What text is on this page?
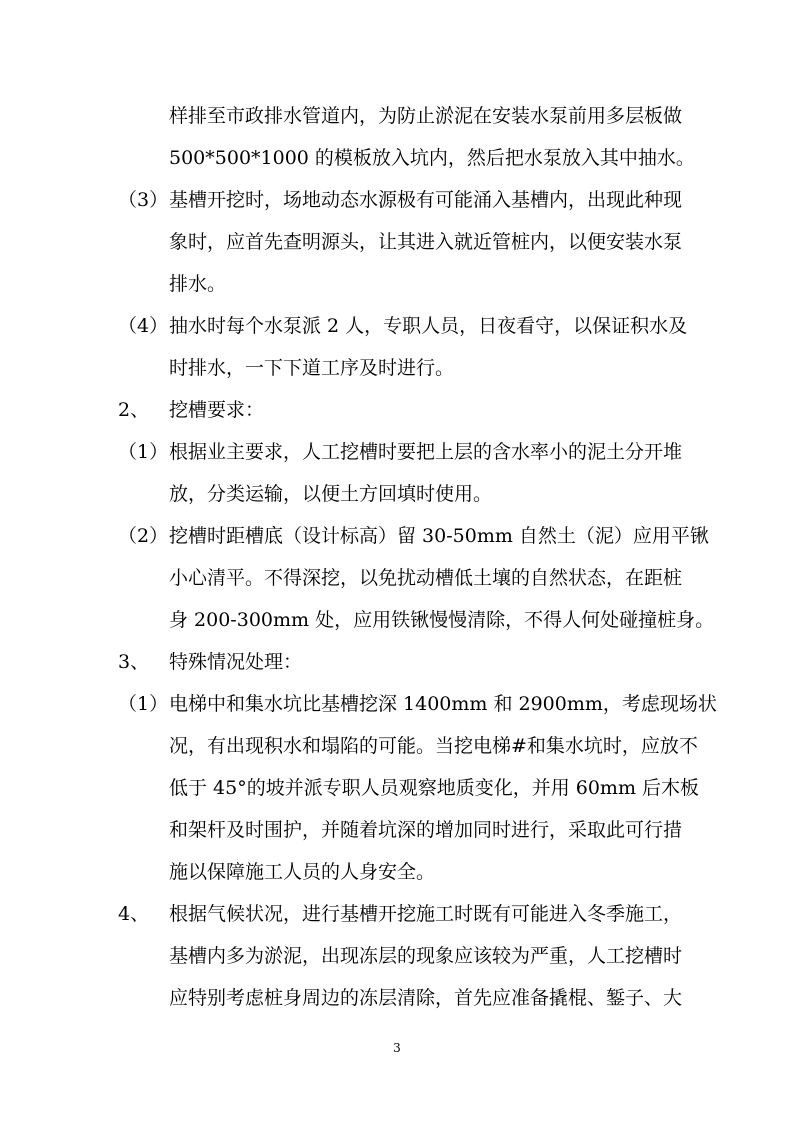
样排至市政排水管道内，为防止淤泥在安装水泵前用多层板做
500*500*1000 的模板放入坑内，然后把水泵放入其中抽水。
（3） 基槽开挖时，场地动态水源极有可能涌入基槽内，出现此种现
象时，应首先查明源头，让其进入就近管桩内，以便安装水泵
排水。
（4） 抽水时每个水泵派 2 人，专职人员，日夜看守，以保证积水及
时排水，一下下道工序及时进行。
2、 挖槽要求：
（1） 根据业主要求，人工挖槽时要把上层的含水率小的泥土分开堆
放，分类运输，以便土方回填时使用。
（2） 挖槽时距槽底（设计标高）留 30-50mm 自然土（泥）应用平锹
小心清平。不得深挖，以免扰动槽低土壤的自然状态，在距桩
身 200-300mm 处，应用铁锹慢慢清除，不得人何处碰撞桩身。
3、 特殊情况处理：
（1） 电梯中和集水坑比基槽挖深 1400mm 和 2900mm，考虑现场状
况，有出现积水和塌陷的可能。当挖电梯#和集水坑时，应放不
低于 45°的坡并派专职人员观察地质变化，并用 60mm 后木板
和架杆及时围护，并随着坑深的增加同时进行，采取此可行措
施以保障施工人员的人身安全。
4、 根据气候状况，进行基槽开挖施工时既有可能进入冬季施工，
基槽内多为淤泥，出现冻层的现象应该较为严重，人工挖槽时
应特别考虑桩身周边的冻层清除，首先应准备撬棍、錾子、大
3
